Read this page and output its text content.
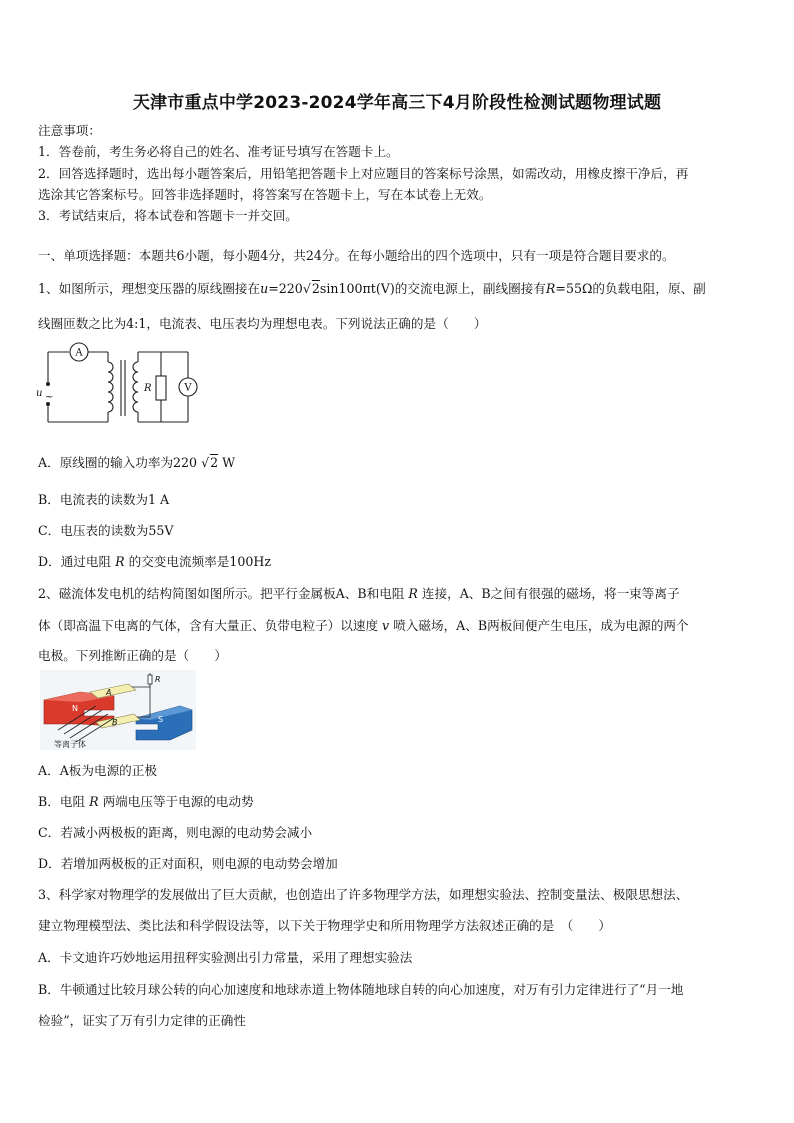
天津市重点中学2023-2024学年高三下4月阶段性检测试题物理试题
注意事项：
1．答卷前，考生务必将自己的姓名、准考证号填写在答题卡上。
2．回答选择题时，选出每小题答案后，用铅笔把答题卡上对应题目的答案标号涂黑，如需改动，用橡皮擦干净后，再
选涂其它答案标号。回答非选择题时，将答案写在答题卡上，写在本试卷上无效。
3．考试结束后，将本试卷和答题卡一并交回。
一、单项选择题：本题共6小题，每小题4分，共24分。在每小题给出的四个选项中，只有一项是符合题目要求的。
1、如图所示，理想变压器的原线圈接在u=220√2sin100πt(V)的交流电源上，副线圈接有R=55Ω的负载电阻，原、副
线圈匝数之比为4:1，电流表、电压表均为理想电表。下列说法正确的是（　　）
A
V
R
u ~
A．原线圈的输入功率为220 √2 W
B．电流表的读数为1 A
C．电压表的读数为55V
D．通过电阻 R 的交变电流频率是100Hz
2、磁流体发电机的结构简图如图所示。把平行金属板A、B和电阻 R 连接，A、B之间有很强的磁场，将一束等离子
体（即高温下电离的气体，含有大量正、负带电粒子）以速度 v 喷入磁场，A、B两板间便产生电压，成为电源的两个
电极。下列推断正确的是（　　）
N
S
A
B
R
等离子体
A．A板为电源的正极
B．电阻 R 两端电压等于电源的电动势
C．若减小两极板的距离，则电源的电动势会减小
D．若增加两极板的正对面积，则电源的电动势会增加
3、科学家对物理学的发展做出了巨大贡献，也创造出了许多物理学方法，如理想实验法、控制变量法、极限思想法、
建立物理模型法、类比法和科学假设法等，以下关于物理学史和所用物理学方法叙述正确的是　（　　）
A．卡文迪许巧妙地运用扭秤实验测出引力常量，采用了理想实验法
B．牛顿通过比较月球公转的向心加速度和地球赤道上物体随地球自转的向心加速度，对万有引力定律进行了“月一地
检验”，证实了万有引力定律的正确性
